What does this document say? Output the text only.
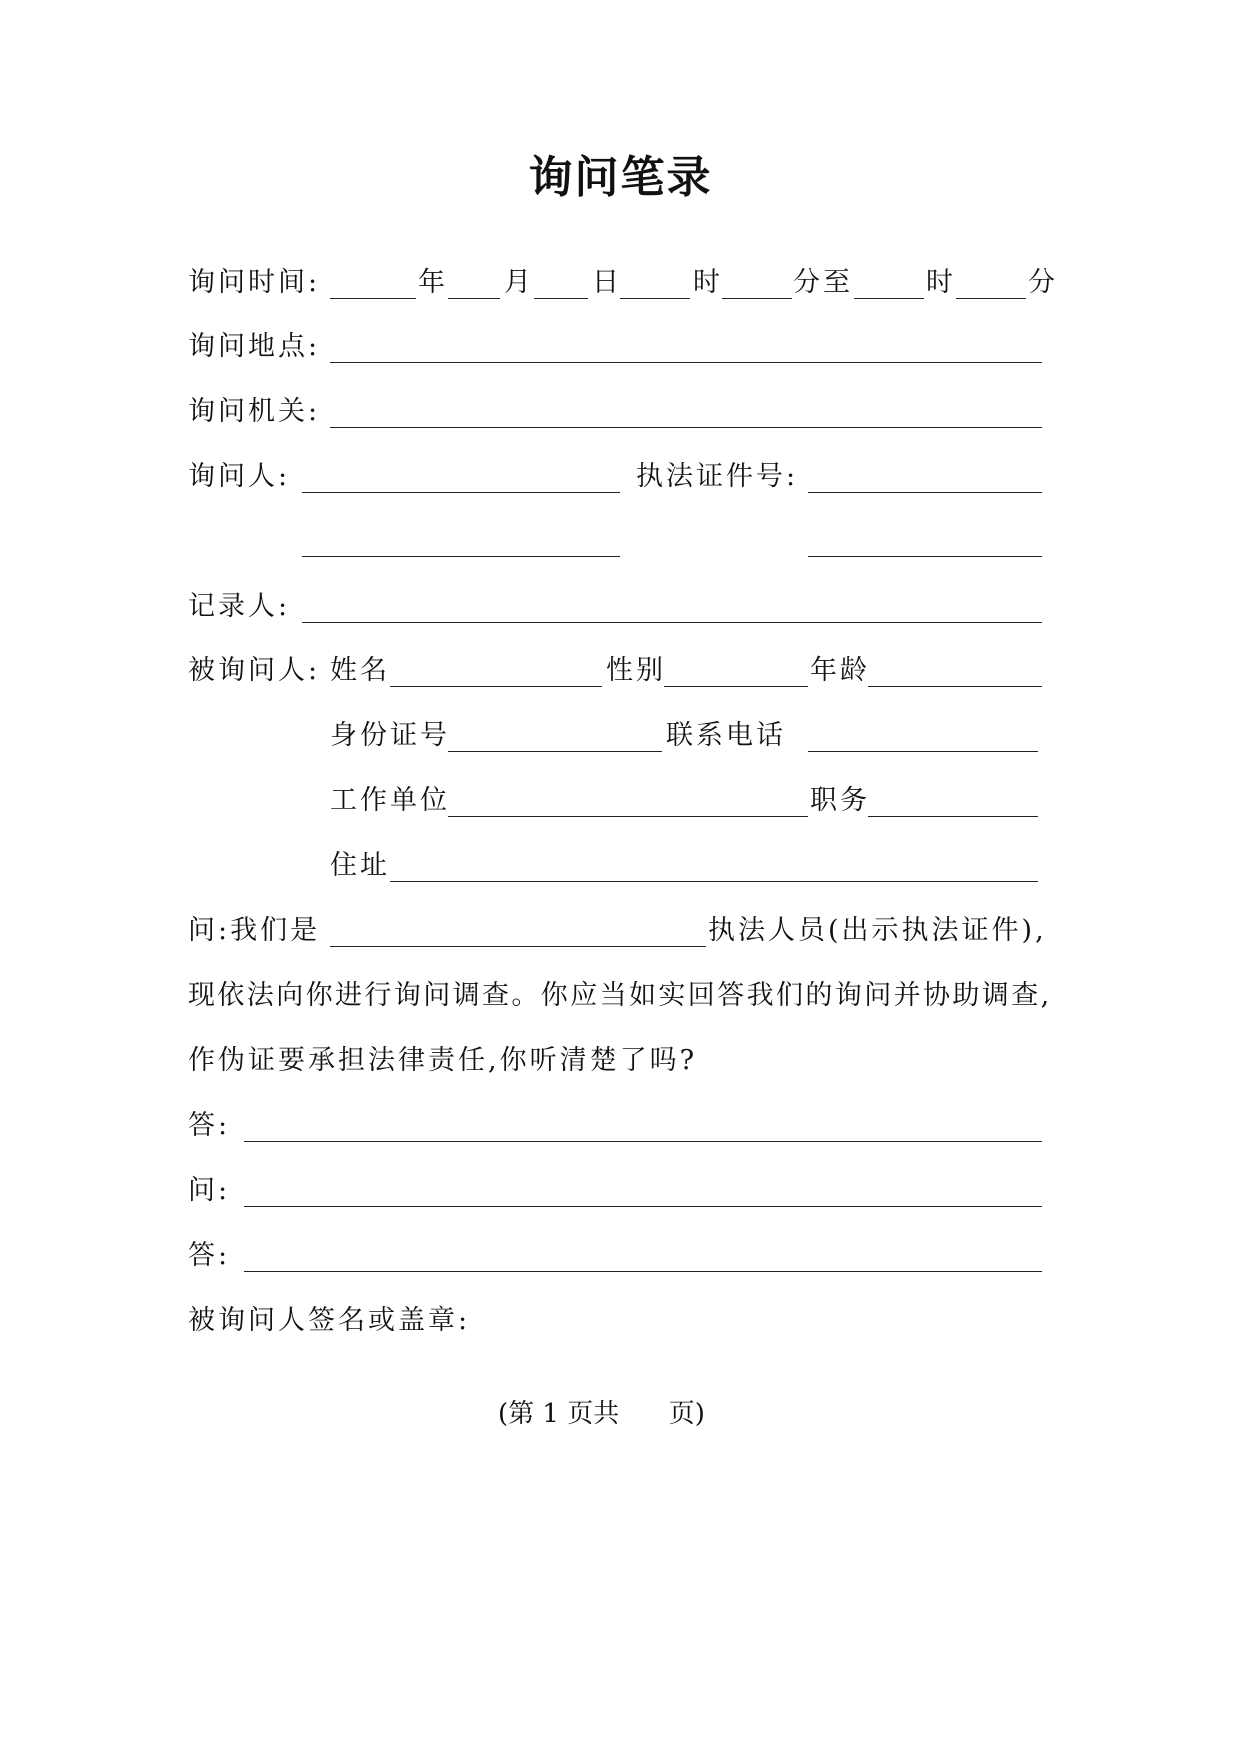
询问笔录
询问时间:	年 月 日	时	分至	时	分
询问地点:
询问机关:
询问人:	执法证件号:
记录人:
被询问人: 姓名	性别	年龄
身份证号	联系电话
工作单位	职务
住址
问:我们是	执法人员(出示执法证件),
现依法向你进行询问调查。你应当如实回答我们的询问并协助调查,
作伪证要承担法律责任,你听清楚了吗?
答:
问:
答:
被询问人签名或盖章:
(第 1 页共      页)
